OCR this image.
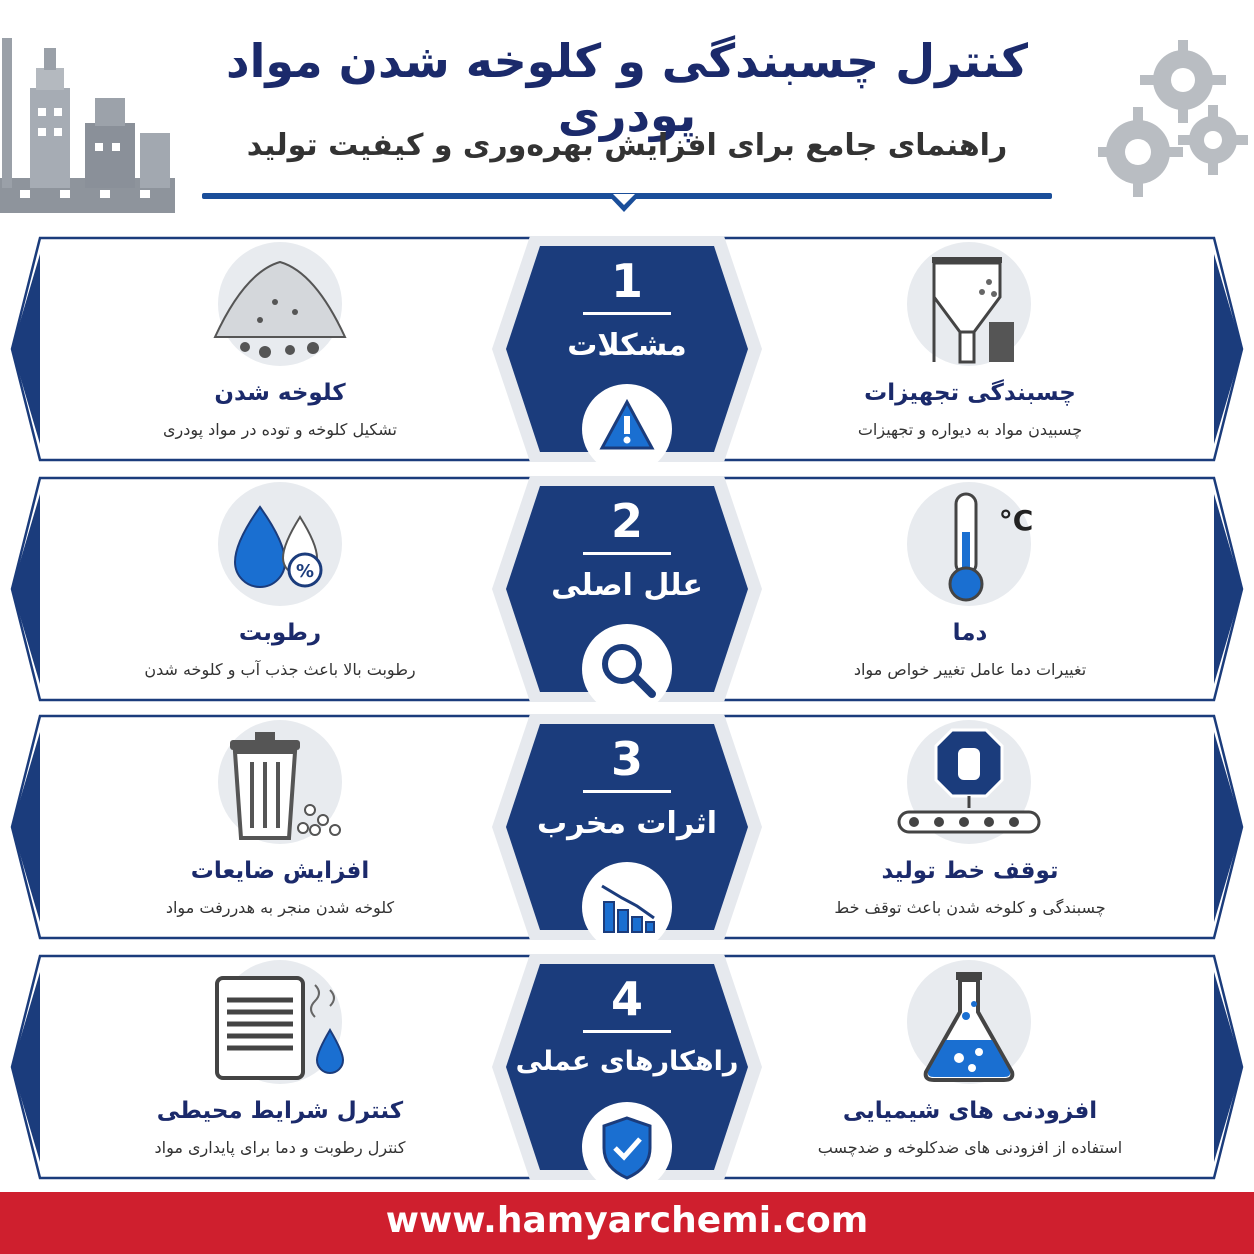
کنترل چسبندگی و کلوخه شدن مواد پودری
راهنمای جامع برای افزایش بهره‌وری و کیفیت تولید
1
مشکلات
کلوخه شدن
تشکیل کلوخه و توده در مواد پودری
چسبندگی تجهیزات
چسبیدن مواد به دیواره و تجهیزات
2
علل اصلی
%
رطوبت
رطوبت بالا باعث جذب آب و کلوخه شدن
°C
دما
تغییرات دما عامل تغییر خواص مواد
3
اثرات مخرب
افزایش ضایعات
کلوخه شدن منجر به هدررفت مواد
توقف خط تولید
چسبندگی و کلوخه شدن باعث توقف خط
4
راهکارهای عملی
کنترل شرایط محیطی
کنترل رطوبت و دما برای پایداری مواد
افزودنی های شیمیایی
استفاده از افزودنی های ضدکلوخه و ضدچسب
www.hamyarchemi.com
